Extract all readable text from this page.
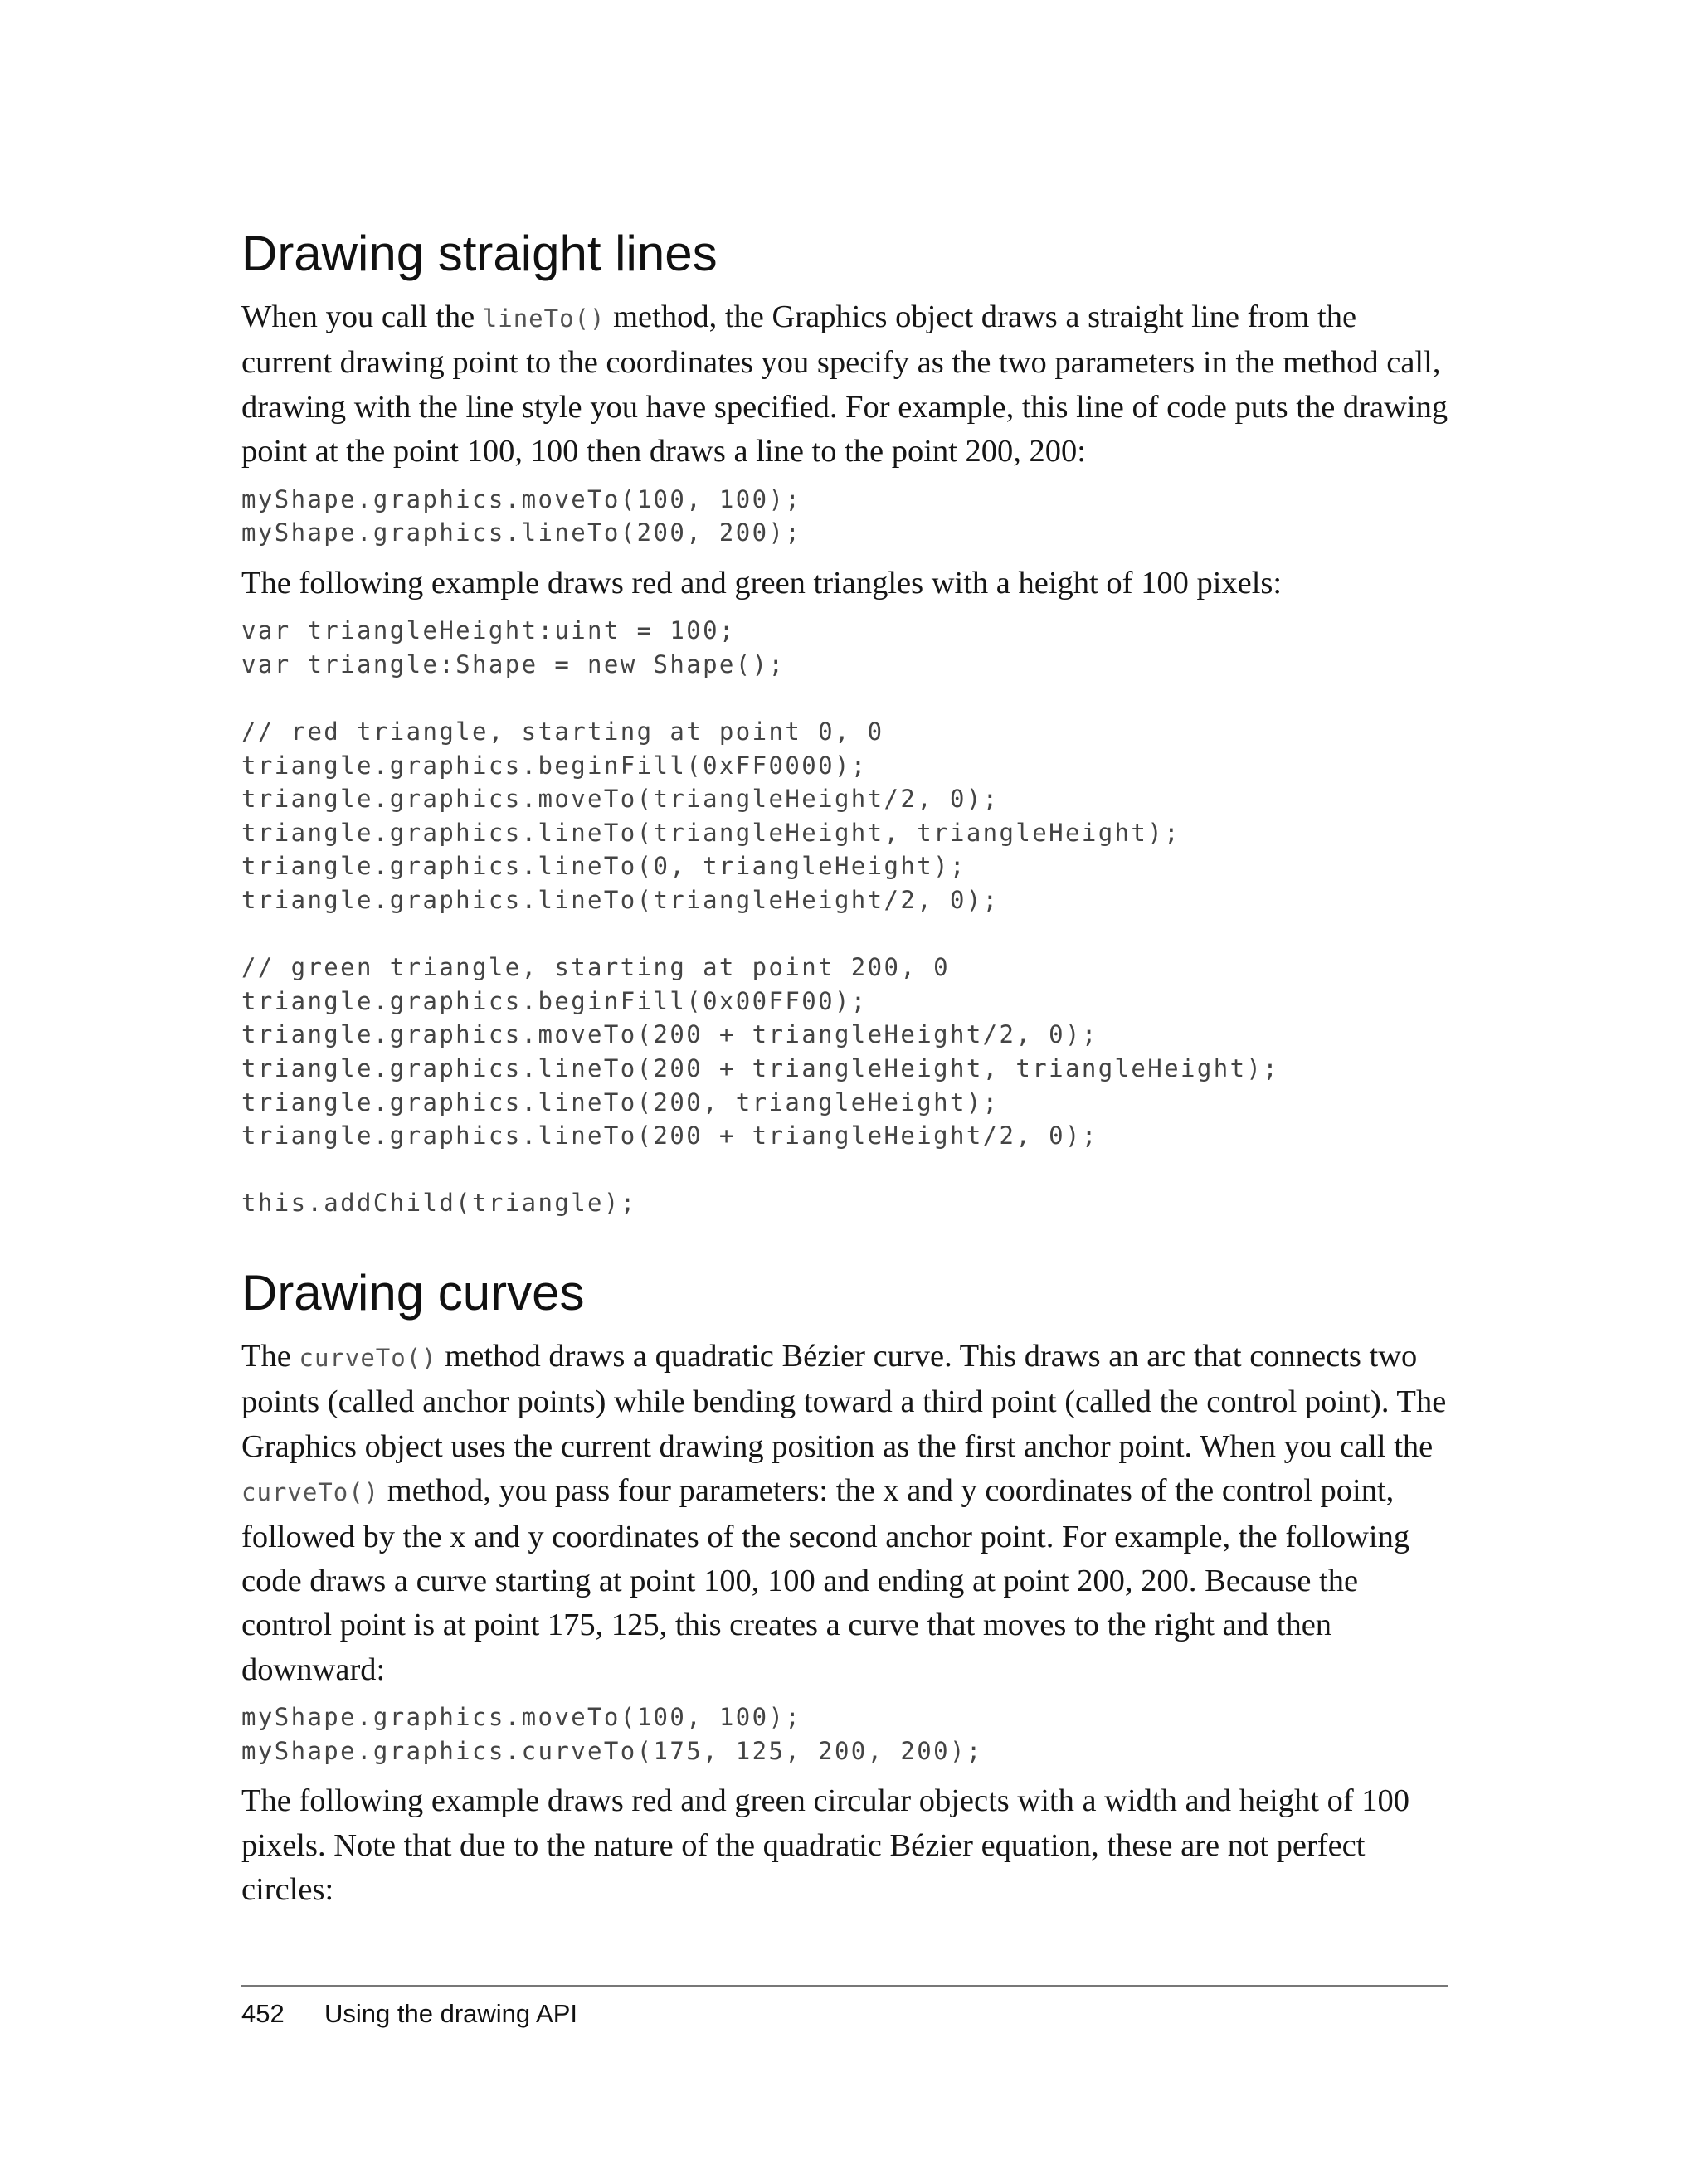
Drawing straight lines

When you call the lineTo() method, the Graphics object draws a straight line from the current drawing point to the coordinates you specify as the two parameters in the method call, drawing with the line style you have specified. For example, this line of code puts the drawing point at the point 100, 100 then draws a line to the point 200, 200:

myShape.graphics.moveTo(100, 100);
myShape.graphics.lineTo(200, 200);

The following example draws red and green triangles with a height of 100 pixels:

var triangleHeight:uint = 100;
var triangle:Shape = new Shape();

// red triangle, starting at point 0, 0
triangle.graphics.beginFill(0xFF0000);
triangle.graphics.moveTo(triangleHeight/2, 0);
triangle.graphics.lineTo(triangleHeight, triangleHeight);
triangle.graphics.lineTo(0, triangleHeight);
triangle.graphics.lineTo(triangleHeight/2, 0);

// green triangle, starting at point 200, 0
triangle.graphics.beginFill(0x00FF00);
triangle.graphics.moveTo(200 + triangleHeight/2, 0);
triangle.graphics.lineTo(200 + triangleHeight, triangleHeight);
triangle.graphics.lineTo(200, triangleHeight);
triangle.graphics.lineTo(200 + triangleHeight/2, 0);

this.addChild(triangle);
Drawing curves

The curveTo() method draws a quadratic Bézier curve. This draws an arc that connects two points (called anchor points) while bending toward a third point (called the control point). The Graphics object uses the current drawing position as the first anchor point. When you call the curveTo() method, you pass four parameters: the x and y coordinates of the control point, followed by the x and y coordinates of the second anchor point. For example, the following code draws a curve starting at point 100, 100 and ending at point 200, 200. Because the control point is at point 175, 125, this creates a curve that moves to the right and then downward:

myShape.graphics.moveTo(100, 100);
myShape.graphics.curveTo(175, 125, 200, 200);

The following example draws red and green circular objects with a width and height of 100 pixels. Note that due to the nature of the quadratic Bézier equation, these are not perfect circles:

452 Using the drawing API
